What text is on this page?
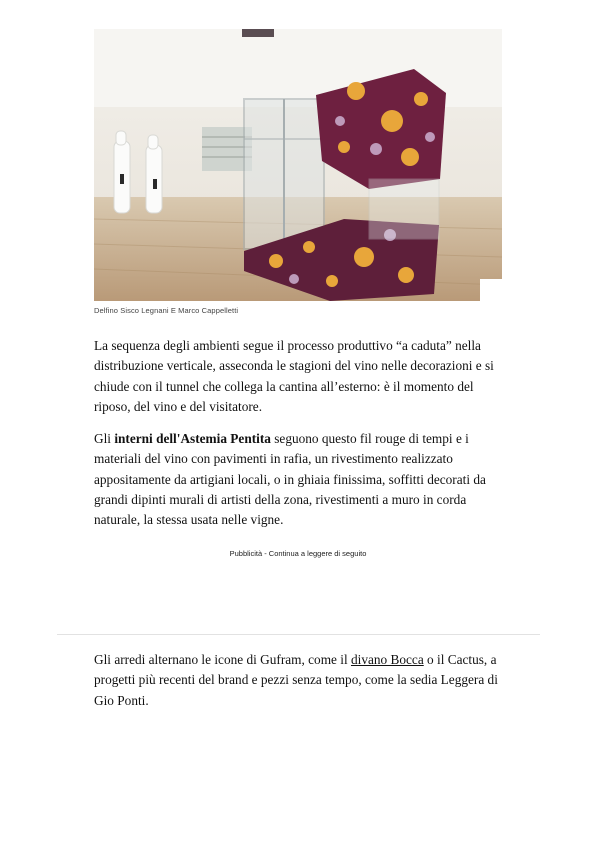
Delfino Sisco Legnani E Marco Cappelletti

La sequenza degli ambienti segue il processo produttivo “a caduta” nella distribuzione verticale, asseconda le stagioni del vino nelle decorazioni e si chiude con il tunnel che collega la cantina all’esterno: è il momento del riposo, del vino e del visitatore.

Gli interni dell'Astemia Pentita seguono questo fil rouge di tempi e i materiali del vino con pavimenti in rafia, un rivestimento realizzato appositamente da artigiani locali, o in ghiaia finissima, soffitti decorati da grandi dipinti murali di artisti della zona, rivestimenti a muro in corda naturale, la stessa usata nelle vigne.

Pubblicità - Continua a leggere di seguito

Gli arredi alternano le icone di Gufram, come il divano Bocca o il Cactus, a progetti più recenti del brand e pezzi senza tempo, come la sedia Leggera di Gio Ponti.
